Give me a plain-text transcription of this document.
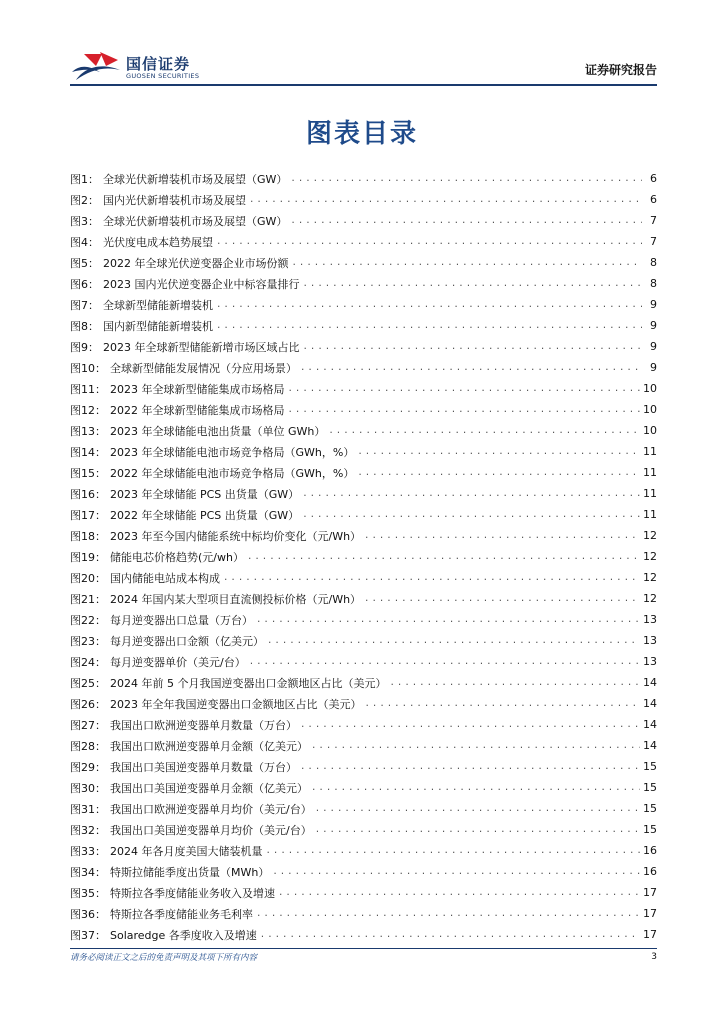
国信证券
GUOSEN SECURITIES	证券研究报告
图表目录
图1： 全球光伏新增装机市场及展望（GW） .....	6
图2： 国内光伏新增装机市场及展望 .....	6
图3： 全球光伏新增装机市场及展望（GW） .....	7
图4： 光伏度电成本趋势展望 .....	7
图5： 2022 年全球光伏逆变器企业市场份额 .....	8
图6： 2023 国内光伏逆变器企业中标容量排行 .....	8
图7： 全球新型储能新增装机 .....	9
图8： 国内新型储能新增装机 .....	9
图9： 2023 年全球新型储能新增市场区域占比 .....	9
图10： 全球新型储能发展情况（分应用场景） .....	9
图11： 2023 年全球新型储能集成市场格局 .....	10
图12： 2022 年全球新型储能集成市场格局 .....	10
图13： 2023 年全球储能电池出货量（单位 GWh） .....	10
图14： 2023 年全球储能电池市场竞争格局（GWh，%） .....	11
图15： 2022 年全球储能电池市场竞争格局（GWh，%） .....	11
图16： 2023 年全球储能 PCS 出货量（GW） .....	11
图17： 2022 年全球储能 PCS 出货量（GW） .....	11
图18： 2023 年至今国内储能系统中标均价变化（元/Wh） .....	12
图19： 储能电芯价格趋势(元/wh） .....	12
图20： 国内储能电站成本构成 .....	12
图21： 2024 年国内某大型项目直流侧投标价格（元/Wh） .....	12
图22： 每月逆变器出口总量（万台） .....	13
图23： 每月逆变器出口金额（亿美元） .....	13
图24： 每月逆变器单价（美元/台） .....	13
图25： 2024 年前 5 个月我国逆变器出口金额地区占比（美元） .....	14
图26： 2023 年全年我国逆变器出口金额地区占比（美元） .....	14
图27： 我国出口欧洲逆变器单月数量（万台） .....	14
图28： 我国出口欧洲逆变器单月金额（亿美元） .....	14
图29： 我国出口美国逆变器单月数量（万台） .....	15
图30： 我国出口美国逆变器单月金额（亿美元） .....	15
图31： 我国出口欧洲逆变器单月均价（美元/台） .....	15
图32： 我国出口美国逆变器单月均价（美元/台） .....	15
图33： 2024 年各月度美国大储装机量 .....	16
图34： 特斯拉储能季度出货量（MWh） .....	16
图35： 特斯拉各季度储能业务收入及增速 .....	17
图36： 特斯拉各季度储能业务毛利率 .....	17
图37： Solaredge 各季度收入及增速 .....	17
请务必阅读正文之后的免责声明及其项下所有内容	3
